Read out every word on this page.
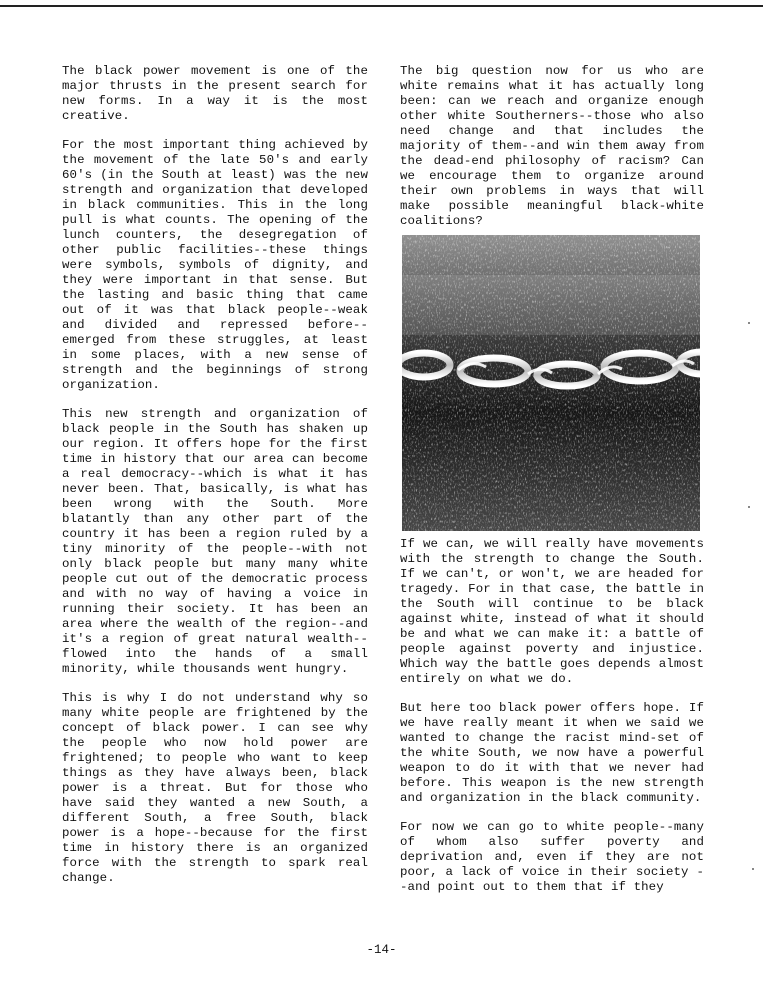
The black power movement is one of the major thrusts in the present search for new forms. In a way it is the most creative.

For the most important thing achieved by the movement of the late 50's and early 60's (in the South at least) was the new strength and organization that developed in black communities. This in the long pull is what counts. The opening of the lunch counters, the desegregation of other public facilities--these things were symbols, symbols of dignity, and they were important in that sense. But the lasting and basic thing that came out of it was that black people--weak and divided and repressed before--emerged from these struggles, at least in some places, with a new sense of strength and the beginnings of strong organization.

This new strength and organization of black people in the South has shaken up our region. It offers hope for the first time in history that our area can become a real democracy--which is what it has never been. That, basically, is what has been wrong with the South. More blatantly than any other part of the country it has been a region ruled by a tiny minority of the people--with not only black people but many many white people cut out of the democratic process and with no way of having a voice in running their society. It has been an area where the wealth of the region--and it's a region of great natural wealth--flowed into the hands of a small minority, while thousands went hungry.

This is why I do not understand why so many white people are frightened by the concept of black power. I can see why the people who now hold power are frightened; to people who want to keep things as they have always been, black power is a threat. But for those who have said they wanted a new South, a different South, a free South, black power is a hope--because for the first time in history there is an organized force with the strength to spark real change.

The big question now for us who are white remains what it has actually long been: can we reach and organize enough other white Southerners--those who also need change and that includes the majority of them--and win them away from the dead-end philosophy of racism? Can we encourage them to organize around their own problems in ways that will make possible meaningful black-white coalitions?

If we can, we will really have movements with the strength to change the South. If we can't, or won't, we are headed for tragedy. For in that case, the battle in the South will continue to be black against white, instead of what it should be and what we can make it: a battle of people against poverty and injustice. Which way the battle goes depends almost entirely on what we do.

But here too black power offers hope. If we have really meant it when we said we wanted to change the racist mind-set of the white South, we now have a powerful weapon to do it with that we never had before. This weapon is the new strength and organization in the black community.

For now we can go to white people--many of whom also suffer poverty and deprivation and, even if they are not poor, a lack of voice in their society --and point out to them that if they

-14-
